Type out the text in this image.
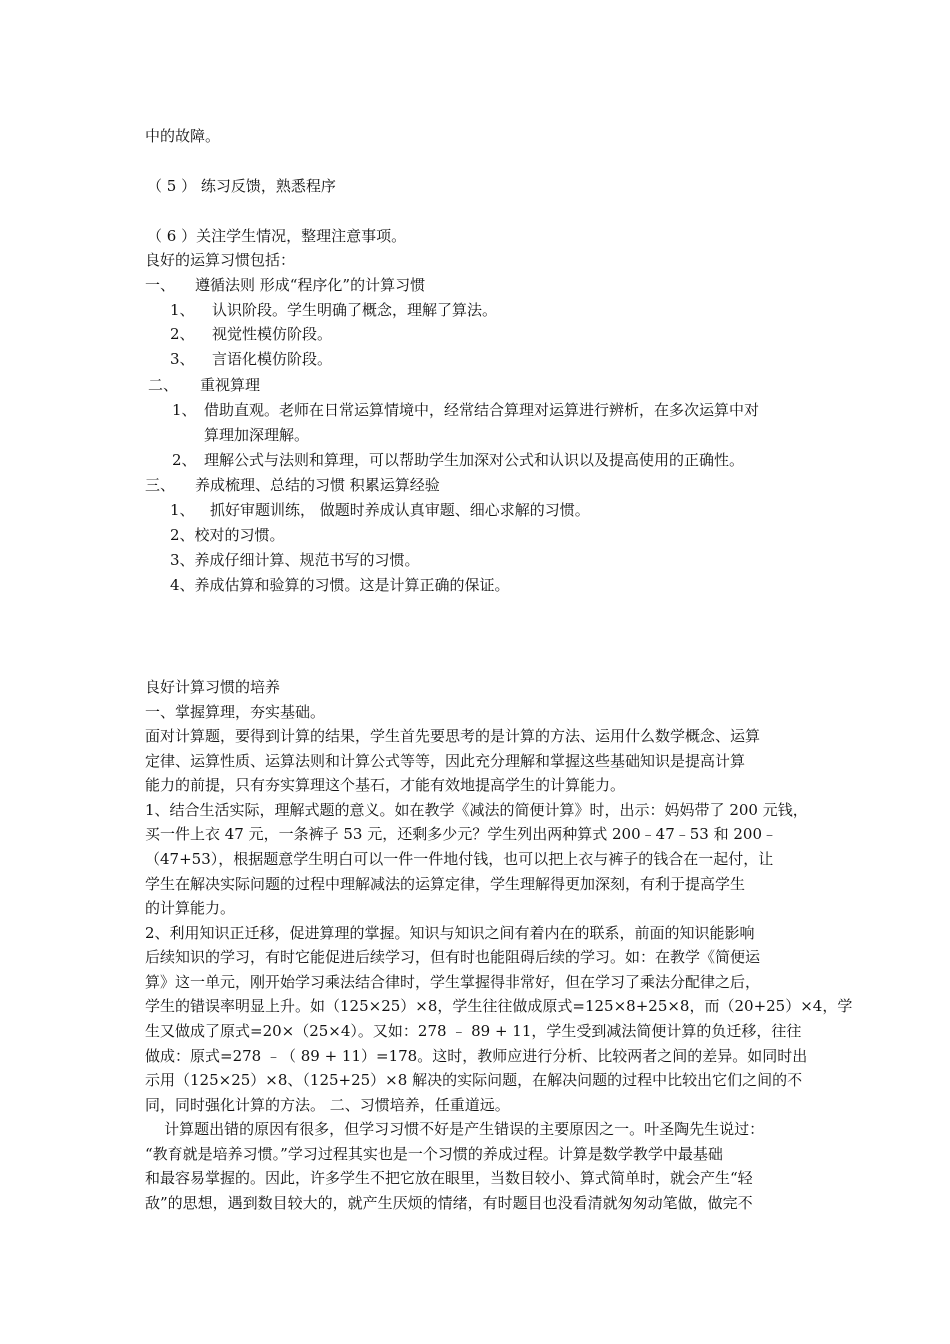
中的故障。
（ 5 ） 练习反馈，熟悉程序
（ 6 ）关注学生情况，整理注意事项。
良好的运算习惯包括：
一、 遵循法则 形成“程序化”的计算习惯
1、 认识阶段。学生明确了概念，理解了算法。
2、 视觉性模仿阶段。
3、 言语化模仿阶段。
二、 重视算理
1、 借助直观。老师在日常运算情境中，经常结合算理对运算进行辨析，在多次运算中对
算理加深理解。
2、 理解公式与法则和算理，可以帮助学生加深对公式和认识以及提高使用的正确性。
三、 养成梳理、总结的习惯 积累运算经验
1、 抓好审题训练， 做题时养成认真审题、细心求解的习惯。
2、校对的习惯。
3、养成仔细计算、规范书写的习惯。
4、养成估算和验算的习惯。这是计算正确的保证。
良好计算习惯的培养
一、掌握算理，夯实基础。
面对计算题，要得到计算的结果，学生首先要思考的是计算的方法、运用什么数学概念、运算
定律、运算性质、运算法则和计算公式等等，因此充分理解和掌握这些基础知识是提高计算
能力的前提，只有夯实算理这个基石，才能有效地提高学生的计算能力。
1、结合生活实际，理解式题的意义。如在教学《减法的简便计算》时，出示：妈妈带了 200 元钱，
买一件上衣 47 元，一条裤子 53 元，还剩多少元？学生列出两种算式 200﹣47﹣53 和 200﹣
（47+53），根据题意学生明白可以一件一件地付钱，也可以把上衣与裤子的钱合在一起付，让
学生在解决实际问题的过程中理解减法的运算定律，学生理解得更加深刻，有利于提高学生
的计算能力。
2、利用知识正迁移，促进算理的掌握。知识与知识之间有着内在的联系，前面的知识能影响
后续知识的学习，有时它能促进后续学习，但有时也能阻碍后续的学习。如：在教学《简便运
算》这一单元，刚开始学习乘法结合律时，学生掌握得非常好，但在学习了乘法分配律之后，
学生的错误率明显上升。如（125×25）×8，学生往往做成原式=125×8+25×8，而（20+25）×4，学
生又做成了原式=20×（25×4）。又如：278 ﹣ 89 + 11，学生受到减法简便计算的负迁移，往往
做成：原式=278 ﹣（ 89 + 11）=178。这时，教师应进行分析、比较两者之间的差异。如同时出
示用（125×25）×8、（125+25）×8 解决的实际问题，在解决问题的过程中比较出它们之间的不
同，同时强化计算的方法。 二、习惯培养，任重道远。
计算题出错的原因有很多，但学习习惯不好是产生错误的主要原因之一。叶圣陶先生说过：
“教育就是培养习惯。”学习过程其实也是一个习惯的养成过程。计算是数学教学中最基础
和最容易掌握的。因此，许多学生不把它放在眼里，当数目较小、算式简单时，就会产生“轻
敌”的思想，遇到数目较大的，就产生厌烦的情绪，有时题目也没看清就匆匆动笔做，做完不
